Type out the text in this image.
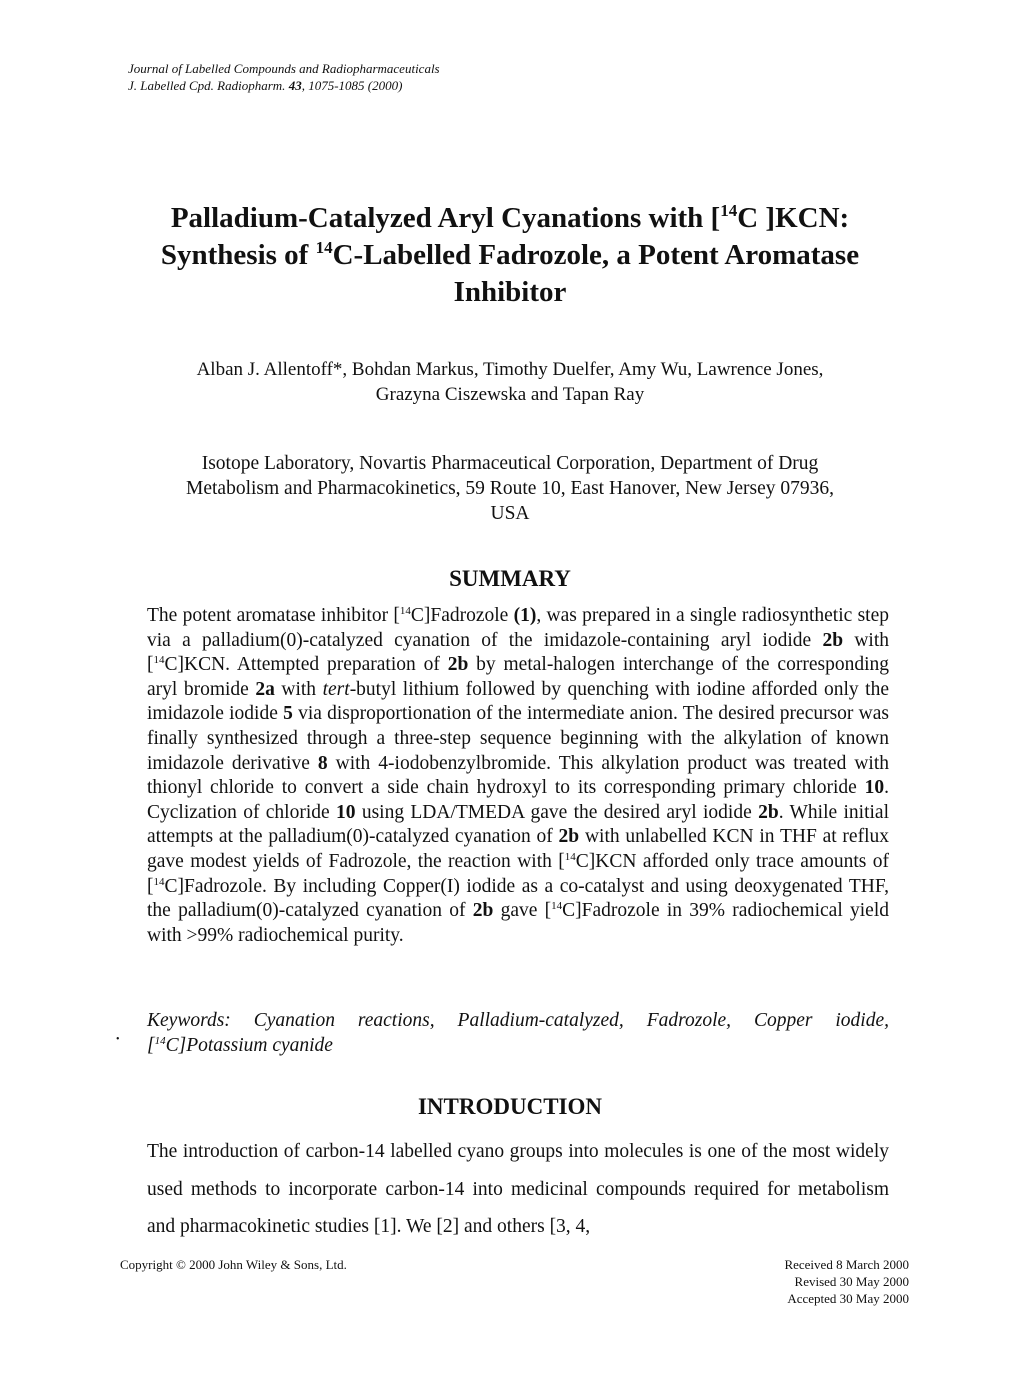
Journal of Labelled Compounds and Radiopharmaceuticals
J. Labelled Cpd. Radiopharm. 43, 1075-1085 (2000)
Palladium-Catalyzed Aryl Cyanations with [$^{14}$C ]KCN:
Synthesis of $^{14}$C-Labelled Fadrozole, a Potent Aromatase
Inhibitor
Alban J. Allentoff*, Bohdan Markus, Timothy Duelfer, Amy Wu, Lawrence Jones,
Grazyna Ciszewska and Tapan Ray
Isotope Laboratory, Novartis Pharmaceutical Corporation, Department of Drug
Metabolism and Pharmacokinetics, 59 Route 10, East Hanover, New Jersey 07936,
USA
SUMMARY
The potent aromatase inhibitor [$^{14}$C]Fadrozole (1), was prepared in a single radiosynthetic step via a palladium(0)-catalyzed cyanation of the imidazole-containing aryl iodide 2b with [$^{14}$C]KCN. Attempted preparation of 2b by metal-halogen interchange of the corresponding aryl bromide 2a with tert-butyl lithium followed by quenching with iodine afforded only the imidazole iodide 5 via disproportionation of the intermediate anion. The desired precursor was finally synthesized through a three-step sequence beginning with the alkylation of known imidazole derivative 8 with 4-iodobenzylbromide. This alkylation product was treated with thionyl chloride to convert a side chain hydroxyl to its corresponding primary chloride 10. Cyclization of chloride 10 using LDA/TMEDA gave the desired aryl iodide 2b. While initial attempts at the palladium(0)-catalyzed cyanation of 2b with unlabelled KCN in THF at reflux gave modest yields of Fadrozole, the reaction with [$^{14}$C]KCN afforded only trace amounts of [$^{14}$C]Fadrozole. By including Copper(I) iodide as a co-catalyst and using deoxygenated THF, the palladium(0)-catalyzed cyanation of 2b gave [$^{14}$C]Fadrozole in 39% radiochemical yield with >99% radiochemical purity.
•
Keywords: Cyanation reactions, Palladium-catalyzed, Fadrozole, Copper iodide, [$^{14}$C]Potassium cyanide
INTRODUCTION
The introduction of carbon-14 labelled cyano groups into molecules is one of the most widely used methods to incorporate carbon-14 into medicinal compounds required for metabolism and pharmacokinetic studies [1]. We [2] and others [3, 4,
Copyright © 2000 John Wiley & Sons, Ltd.	Received 8 March 2000
Revised 30 May 2000
Accepted 30 May 2000
